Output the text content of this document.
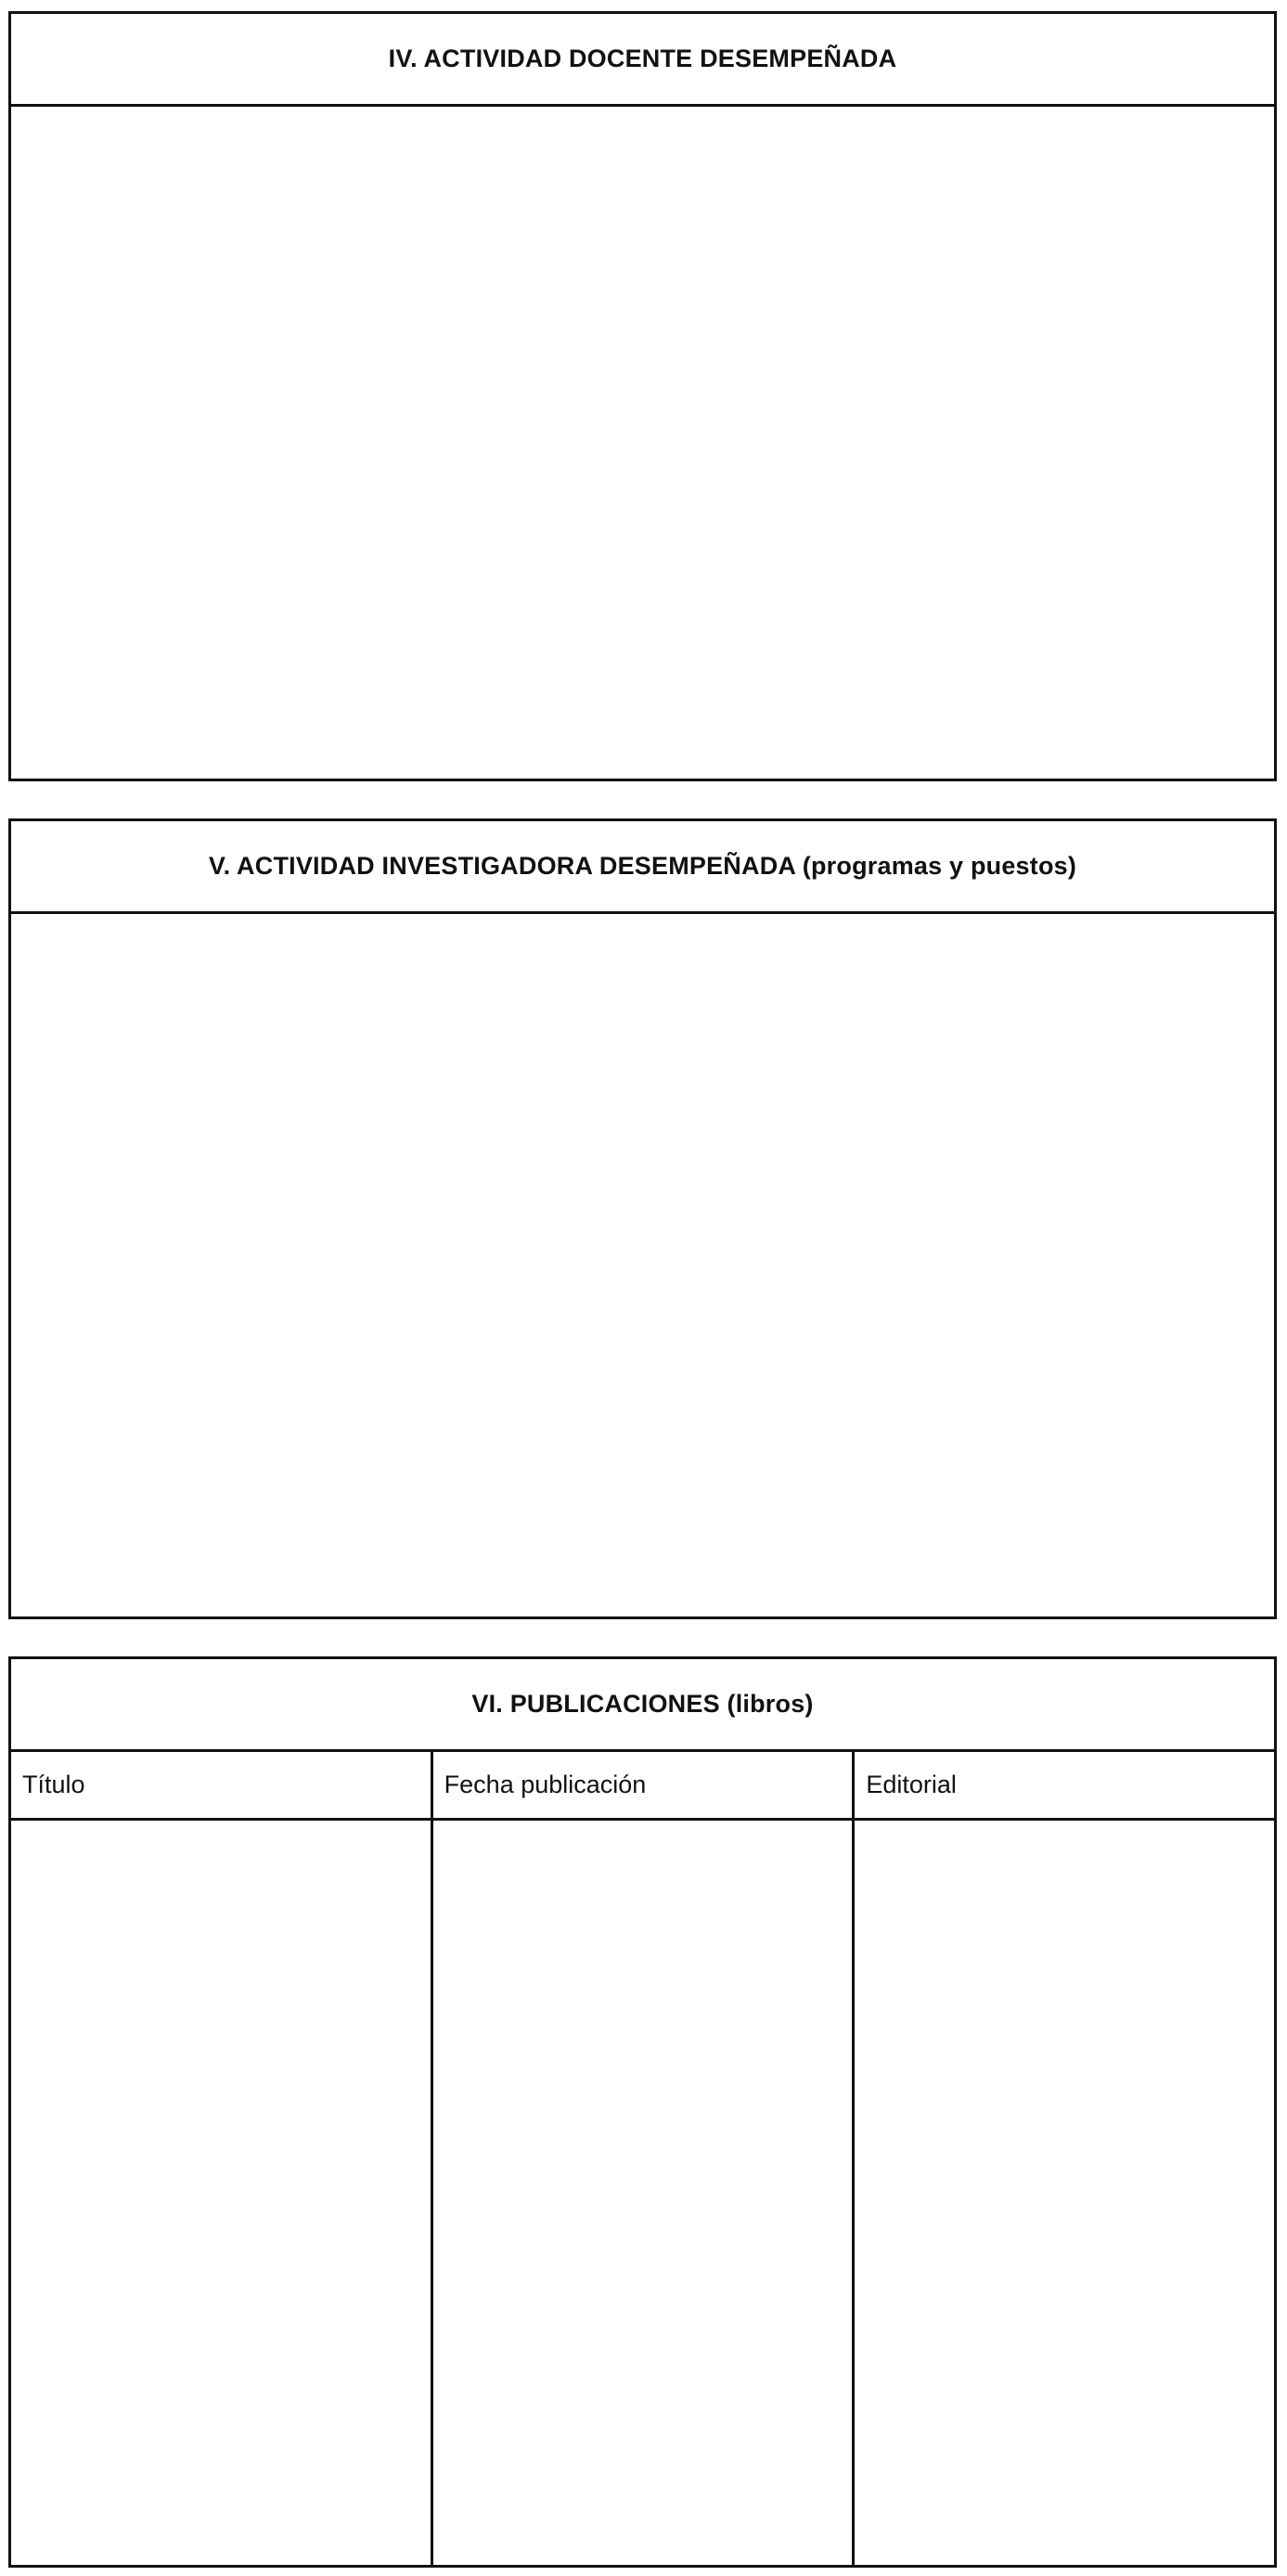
IV. ACTIVIDAD DOCENTE DESEMPEÑADA
V. ACTIVIDAD INVESTIGADORA DESEMPEÑADA (programas y puestos)
VI. PUBLICACIONES (libros)
Título	Fecha publicación	Editorial
